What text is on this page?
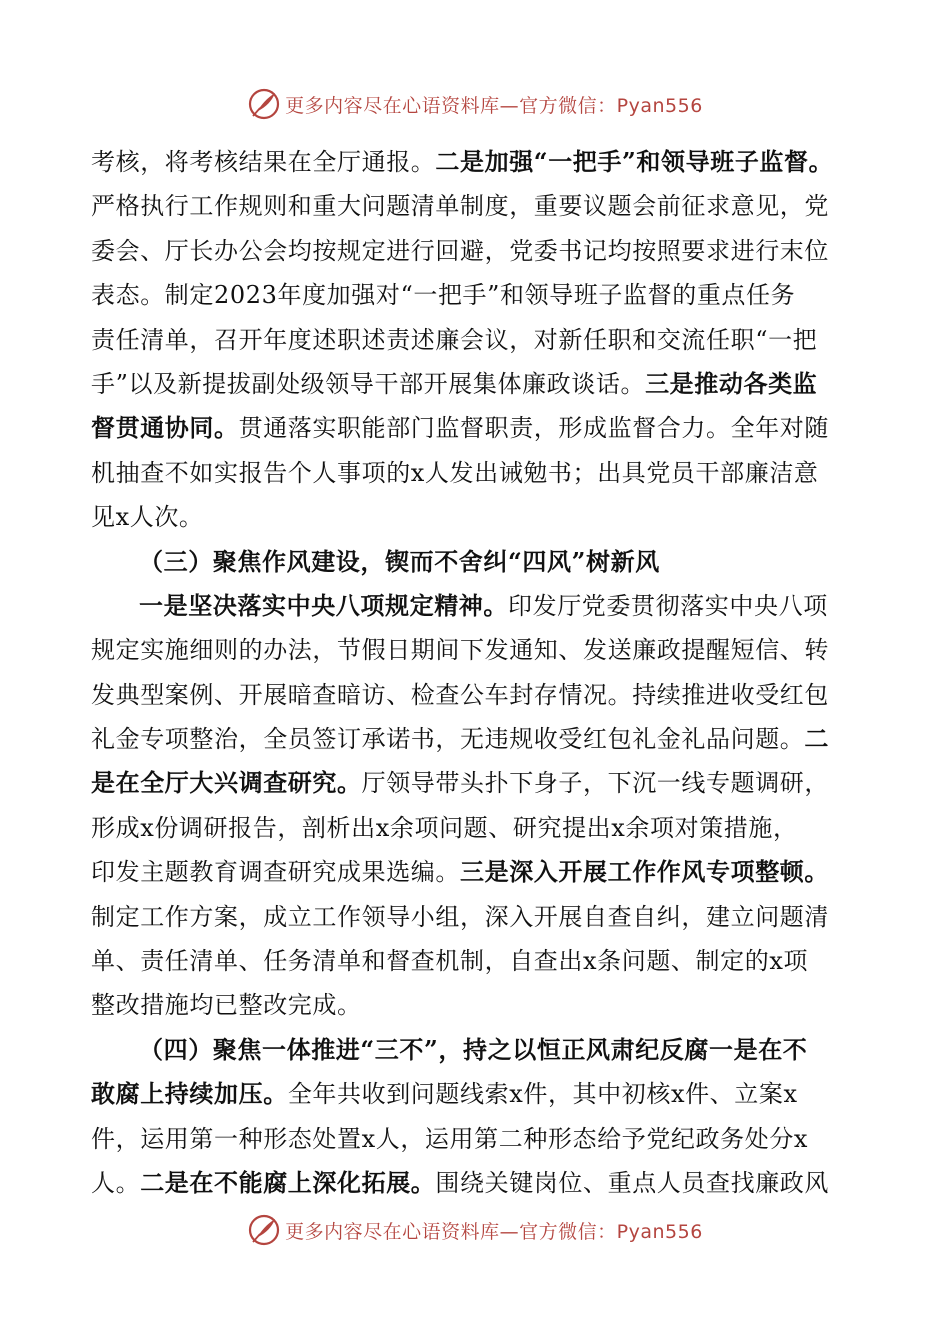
更多内容尽在心语资料库—官方微信：Pyan556
考核，将考核结果在全厅通报。二是加强“一把手”和领导班子监督。
严格执行工作规则和重大问题清单制度，重要议题会前征求意见，党
委会、厅长办公会均按规定进行回避，党委书记均按照要求进行末位
表态。制定2023年度加强对“一把手”和领导班子监督的重点任务
责任清单，召开年度述职述责述廉会议，对新任职和交流任职“一把
手”以及新提拔副处级领导干部开展集体廉政谈话。三是推动各类监
督贯通协同。贯通落实职能部门监督职责，形成监督合力。全年对随
机抽查不如实报告个人事项的x人发出诫勉书；出具党员干部廉洁意
见x人次。
（三）聚焦作风建设，锲而不舍纠“四风”树新风
一是坚决落实中央八项规定精神。印发厅党委贯彻落实中央八项
规定实施细则的办法，节假日期间下发通知、发送廉政提醒短信、转
发典型案例、开展暗查暗访、检查公车封存情况。持续推进收受红包
礼金专项整治，全员签订承诺书，无违规收受红包礼金礼品问题。二
是在全厅大兴调查研究。厅领导带头扑下身子，下沉一线专题调研，
形成x份调研报告，剖析出x余项问题、研究提出x余项对策措施，
印发主题教育调查研究成果选编。三是深入开展工作作风专项整顿。
制定工作方案，成立工作领导小组，深入开展自查自纠，建立问题清
单、责任清单、任务清单和督查机制，自查出x条问题、制定的x项
整改措施均已整改完成。
（四）聚焦一体推进“三不”，持之以恒正风肃纪反腐一是在不
敢腐上持续加压。全年共收到问题线索x件，其中初核x件、立案x
件，运用第一种形态处置x人，运用第二种形态给予党纪政务处分x
人。二是在不能腐上深化拓展。围绕关键岗位、重点人员查找廉政风
更多内容尽在心语资料库—官方微信：Pyan556
